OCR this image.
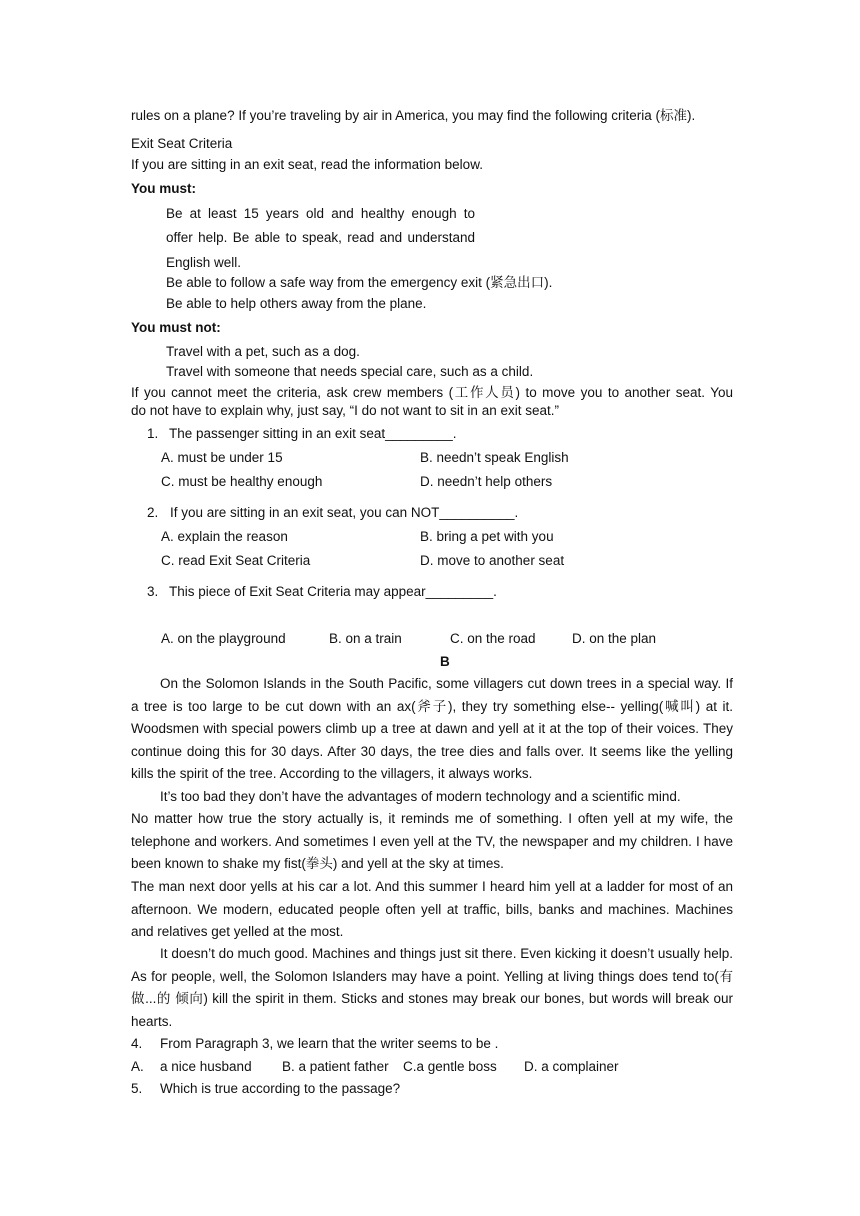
rules on a plane? If you’re traveling by air in America, you may find the following criteria (标准).
Exit Seat Criteria
If you are sitting in an exit seat, read the information below.
You must:
Be at least 15 years old and healthy enough to
offer help. Be able to speak, read and understand
English well.
Be able to follow a safe way from the emergency exit (紧急出口).
Be able to help others away from the plane.
You must not:
Travel with a pet, such as a dog.
Travel with someone that needs special care, such as a child.
If you cannot meet the criteria, ask crew members (工作人员) to move you to another seat. You
do not have to explain why, just say, “I do not want to sit in an exit seat.”
1. The passenger sitting in an exit seat_________.
A. must be under 15	B. needn’t speak English
C. must be healthy enough	D. needn’t help others
2. If you are sitting in an exit seat, you can NOT__________.
A. explain the reason	B. bring a pet with you
C. read Exit Seat Criteria	D. move to another seat
3. This piece of Exit Seat Criteria may appear_________.
A. on the playground	B. on a train	C. on the road	D. on the plan
B
On the Solomon Islands in the South Pacific, some villagers cut down trees in a special way. If a tree is too large to be cut down with an ax(斧子), they try something else-- yelling(喊叫) at it. Woodsmen with special powers climb up a tree at dawn and yell at it at the top of their voices. They continue doing this for 30 days. After 30 days, the tree dies and falls over. It seems like the yelling kills the spirit of the tree. According to the villagers, it always works.
It’s too bad they don’t have the advantages of modern technology and a scientific mind.
No matter how true the story actually is, it reminds me of something. I often yell at my wife, the telephone and workers. And sometimes I even yell at the TV, the newspaper and my children. I have been known to shake my fist(拳头) and yell at the sky at times.
The man next door yells at his car a lot. And this summer I heard him yell at a ladder for most of an afternoon. We modern, educated people often yell at traffic, bills, banks and machines. Machines and relatives get yelled at the most.
It doesn’t do much good. Machines and things just sit there. Even kicking it doesn’t usually help. As for people, well, the Solomon Islanders may have a point. Yelling at living things does tend to(有做...的 倾向) kill the spirit in them. Sticks and stones may break our bones, but words will break our hearts.
4. From Paragraph 3, we learn that the writer seems to be .
A. a nice husband B. a patient father C.a gentle boss D. a complainer
5. Which is true according to the passage?
